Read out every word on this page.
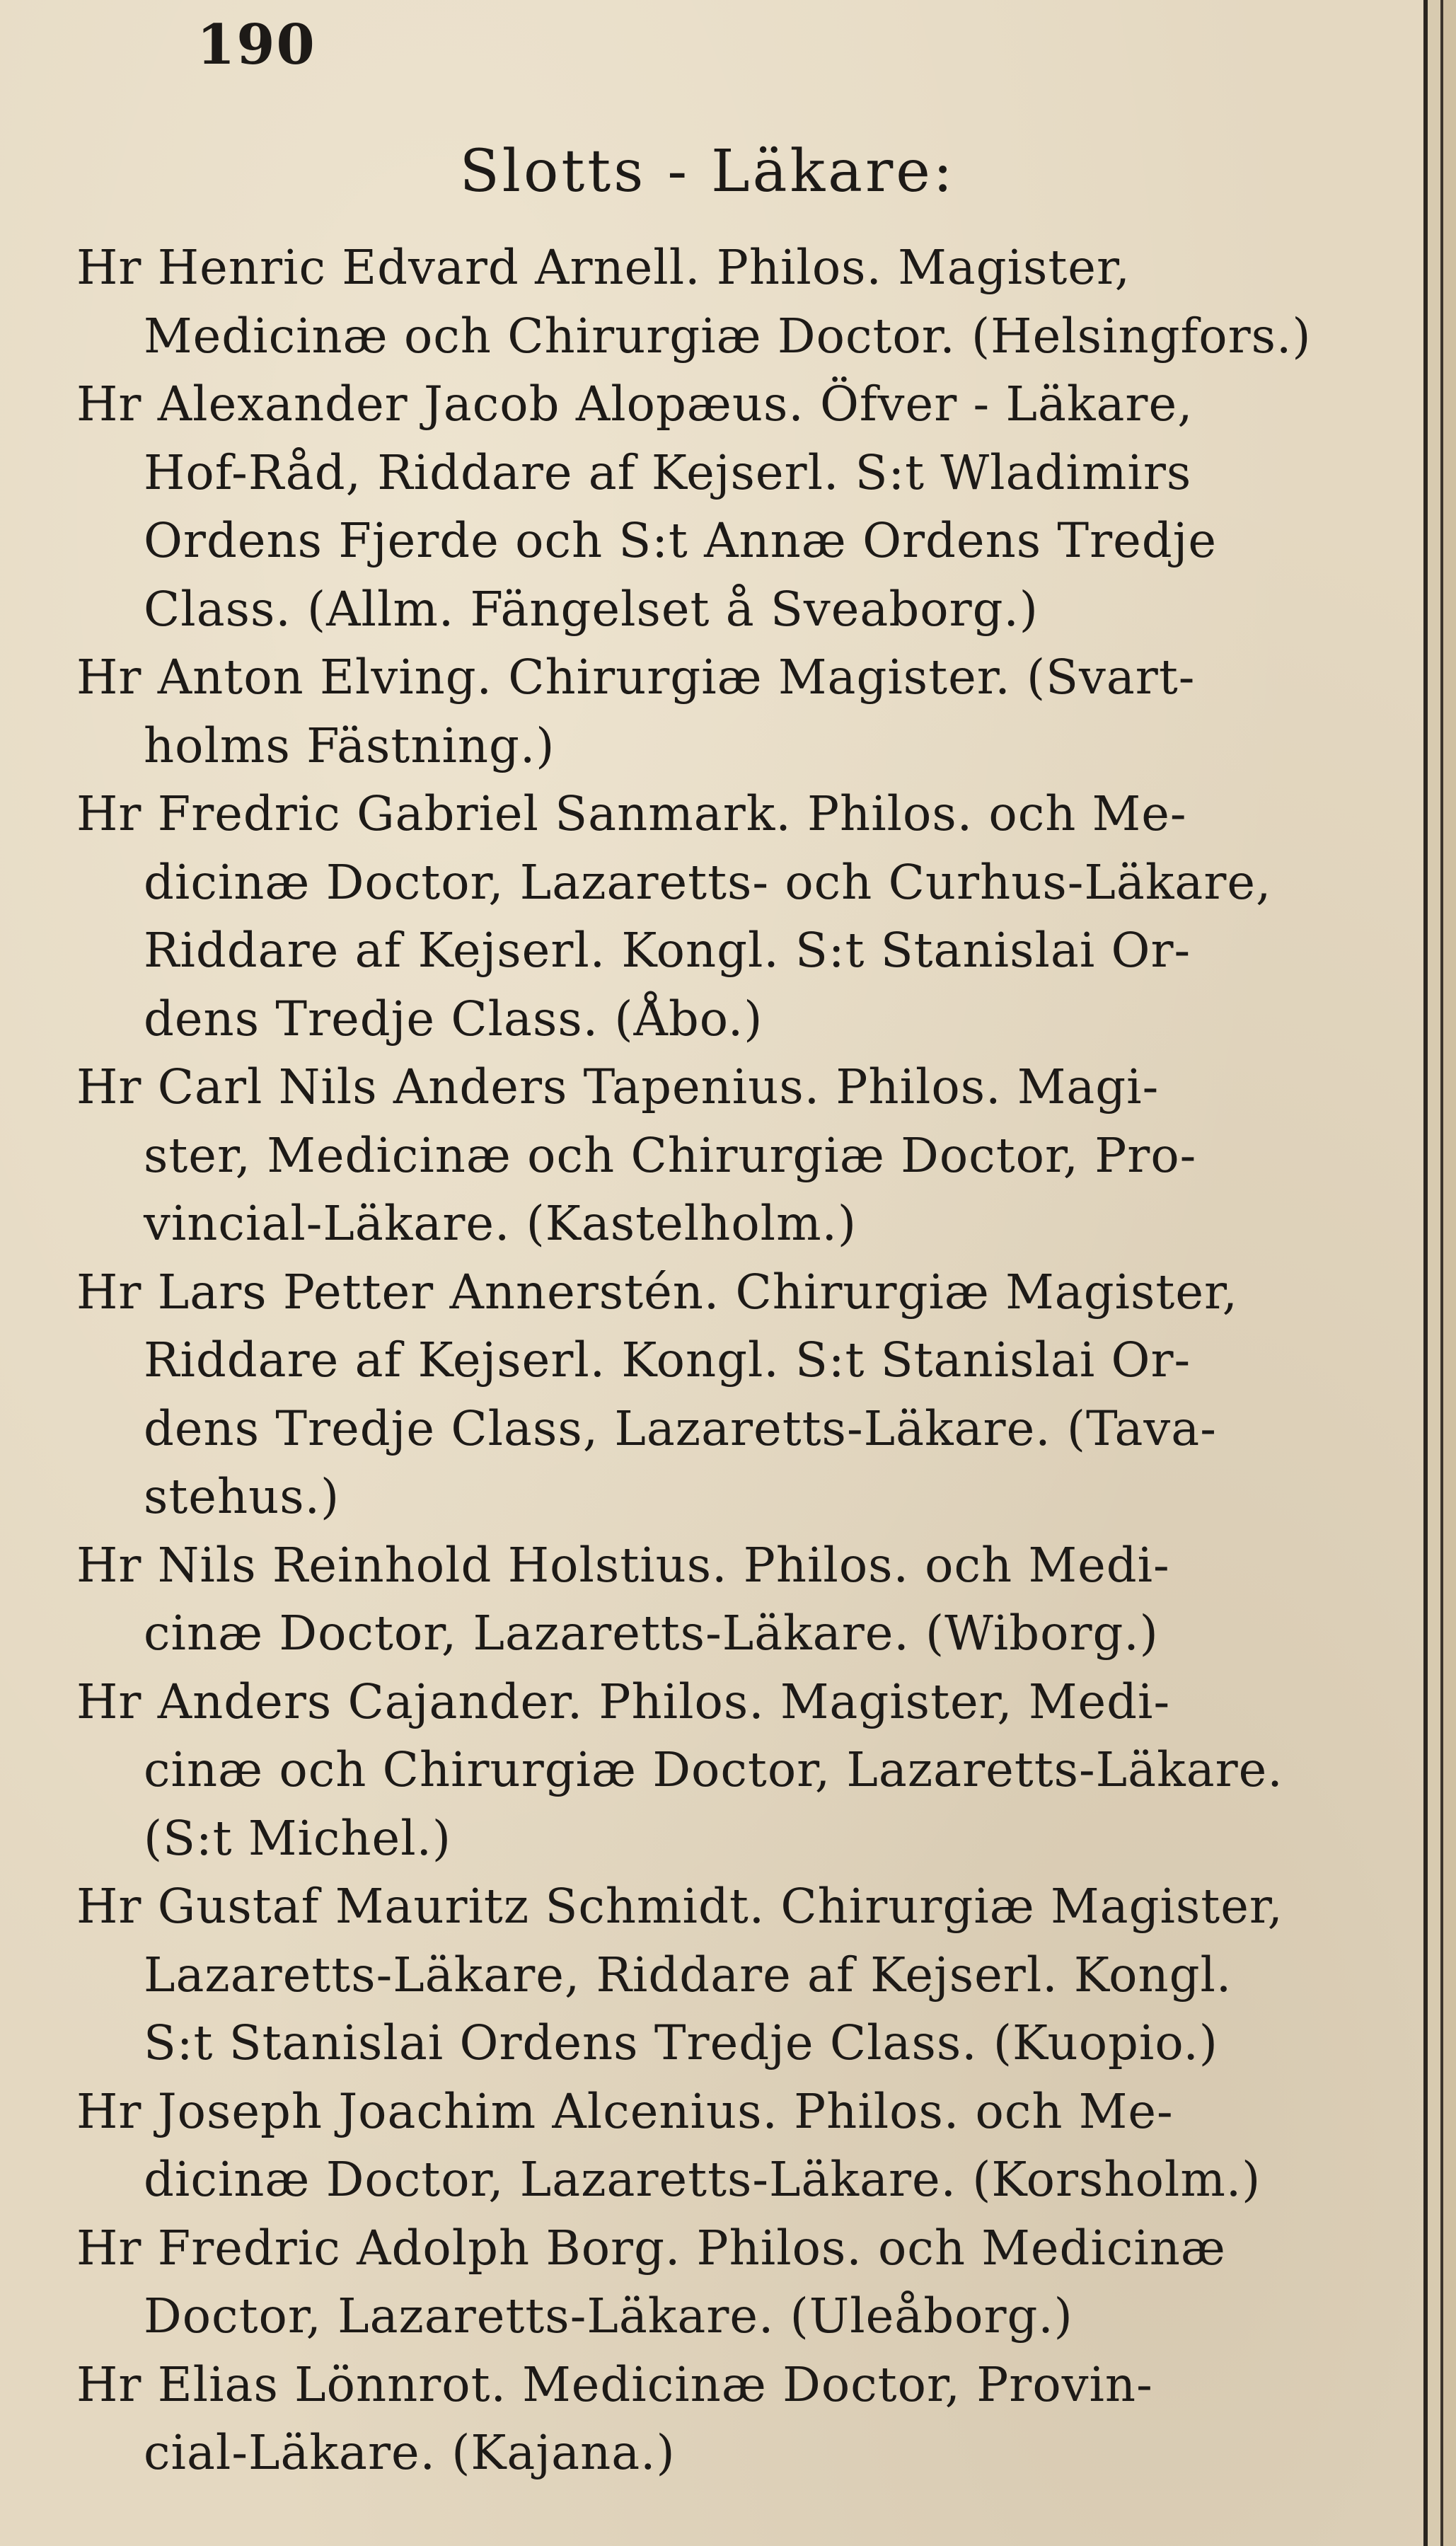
190
Slotts - Läkare:
Hr Henric Edvard Arnell. Philos. Magister,
Medicinæ och Chirurgiæ Doctor. (Helsingfors.)
Hr Alexander Jacob Alopæus. Öfver - Läkare,
Hof-Råd, Riddare af Kejserl. S:t Wladimirs
Ordens Fjerde och S:t Annæ Ordens Tredje
Class. (Allm. Fängelset å Sveaborg.)
Hr Anton Elving. Chirurgiæ Magister. (Svart-
holms Fästning.)
Hr Fredric Gabriel Sanmark. Philos. och Me-
dicinæ Doctor, Lazaretts- och Curhus-Läkare,
Riddare af Kejserl. Kongl. S:t Stanislai Or-
dens Tredje Class. (Åbo.)
Hr Carl Nils Anders Tapenius. Philos. Magi-
ster, Medicinæ och Chirurgiæ Doctor, Pro-
vincial-Läkare. (Kastelholm.)
Hr Lars Petter Annerstén. Chirurgiæ Magister,
Riddare af Kejserl. Kongl. S:t Stanislai Or-
dens Tredje Class, Lazaretts-Läkare. (Tava-
stehus.)
Hr Nils Reinhold Holstius. Philos. och Medi-
cinæ Doctor, Lazaretts-Läkare. (Wiborg.)
Hr Anders Cajander. Philos. Magister, Medi-
cinæ och Chirurgiæ Doctor, Lazaretts-Läkare.
(S:t Michel.)
Hr Gustaf Mauritz Schmidt. Chirurgiæ Magister,
Lazaretts-Läkare, Riddare af Kejserl. Kongl.
S:t Stanislai Ordens Tredje Class. (Kuopio.)
Hr Joseph Joachim Alcenius. Philos. och Me-
dicinæ Doctor, Lazaretts-Läkare. (Korsholm.)
Hr Fredric Adolph Borg. Philos. och Medicinæ
Doctor, Lazaretts-Läkare. (Uleåborg.)
Hr Elias Lönnrot. Medicinæ Doctor, Provin-
cial-Läkare. (Kajana.)
